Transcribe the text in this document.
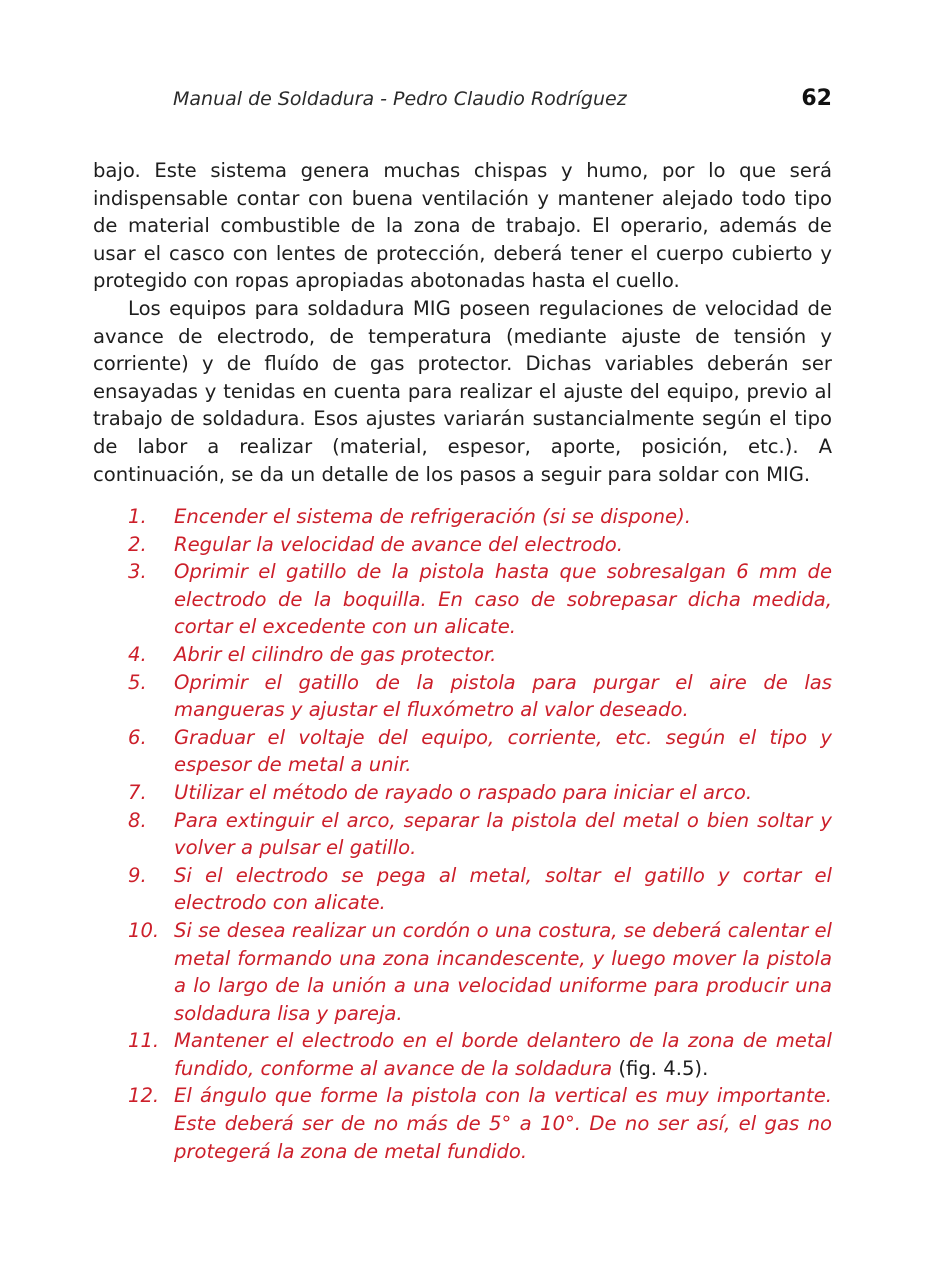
Manual de Soldadura - Pedro Claudio Rodríguez	62

bajo. Este sistema genera muchas chispas y humo, por lo que será indispensable contar con buena ventilación y mantener alejado todo tipo de material combustible de la zona de trabajo. El operario, además de usar el casco con lentes de protección, deberá tener el cuerpo cubierto y protegido con ropas apropiadas abotonadas hasta el cuello.

Los equipos para soldadura MIG poseen regulaciones de velocidad de avance de electrodo, de temperatura (mediante ajuste de tensión y corriente) y de fluído de gas protector. Dichas variables deberán ser ensayadas y tenidas en cuenta para realizar el ajuste del equipo, previo al trabajo de soldadura. Esos ajustes variarán sustancialmente según el tipo de labor a realizar (material, espesor, aporte, posición, etc.). A continuación, se da un detalle de los pasos a seguir para soldar con MIG.

1. Encender el sistema de refrigeración (si se dispone).
2. Regular la velocidad de avance del electrodo.
3. Oprimir el gatillo de la pistola hasta que sobresalgan 6 mm de electrodo de la boquilla. En caso de sobrepasar dicha medida, cortar el excedente con un alicate.
4. Abrir el cilindro de gas protector.
5. Oprimir el gatillo de la pistola para purgar el aire de las mangueras y ajustar el fluxómetro al valor deseado.
6. Graduar el voltaje del equipo, corriente, etc. según el tipo y espesor de metal a unir.
7. Utilizar el método de rayado o raspado para iniciar el arco.
8. Para extinguir el arco, separar la pistola del metal o bien soltar y volver a pulsar el gatillo.
9. Si el electrodo se pega al metal, soltar el gatillo y cortar el electrodo con alicate.
10. Si se desea realizar un cordón o una costura, se deberá calentar el metal formando una zona incandescente, y luego mover la pistola a lo largo de la unión a una velocidad uniforme para producir una soldadura lisa y pareja.
11. Mantener el electrodo en el borde delantero de la zona de metal fundido, conforme al avance de la soldadura (fig. 4.5).
12. El ángulo que forme la pistola con la vertical es muy importante. Este deberá ser de no más de 5° a 10°. De no ser así, el gas no protegerá la zona de metal fundido.
